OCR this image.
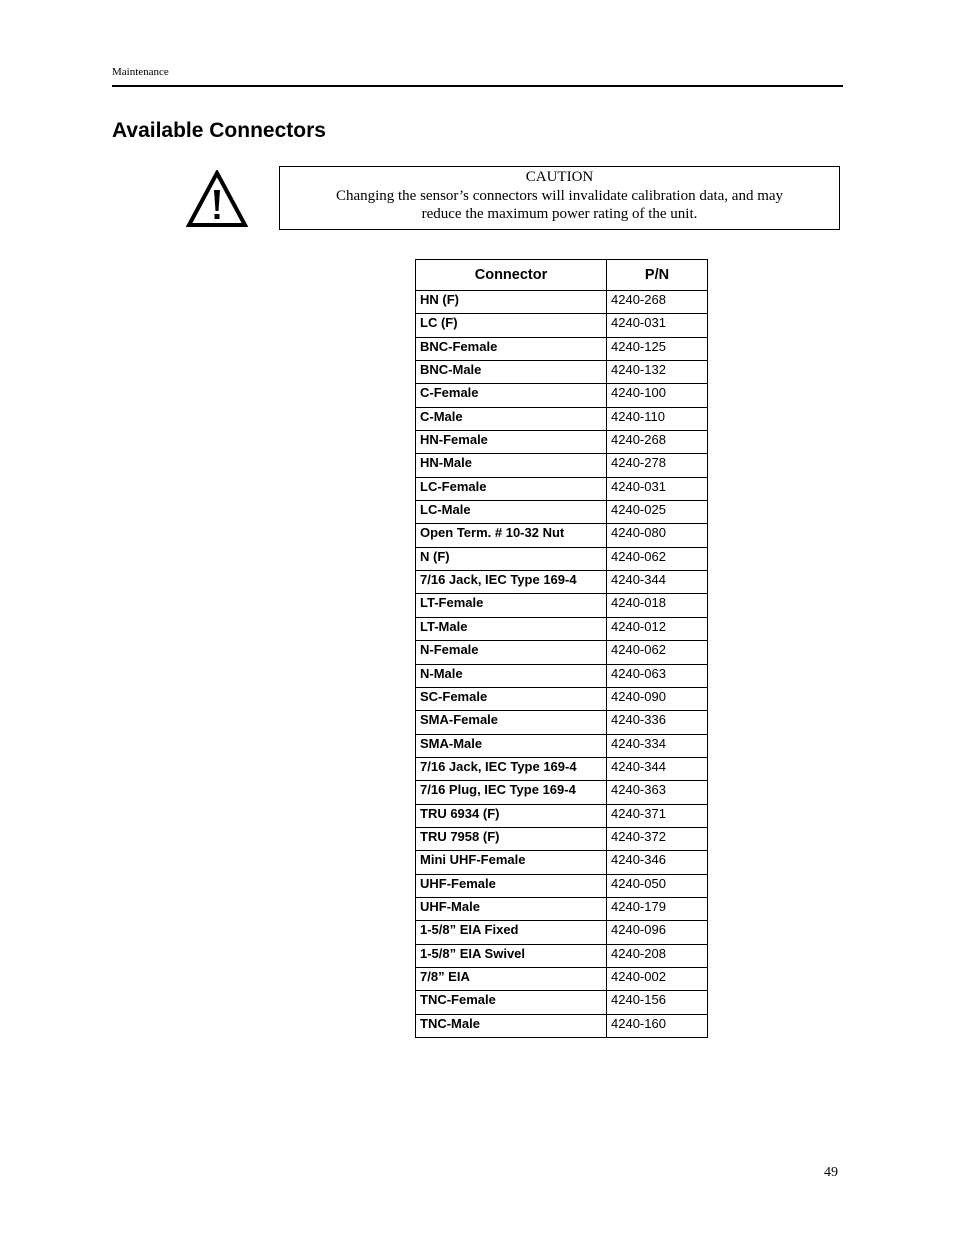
Maintenance
Available Connectors
CAUTION
Changing the sensor’s connectors will invalidate calibration data, and may
reduce the maximum power rating of the unit.
Connector	P/N
HN (F)	4240-268
LC (F)	4240-031
BNC-Female	4240-125
BNC-Male	4240-132
C-Female	4240-100
C-Male	4240-110
HN-Female	4240-268
HN-Male	4240-278
LC-Female	4240-031
LC-Male	4240-025
Open Term. # 10-32 Nut	4240-080
N (F)	4240-062
7/16 Jack, IEC Type 169-4	4240-344
LT-Female	4240-018
LT-Male	4240-012
N-Female	4240-062
N-Male	4240-063
SC-Female	4240-090
SMA-Female	4240-336
SMA-Male	4240-334
7/16 Jack, IEC Type 169-4	4240-344
7/16 Plug, IEC Type 169-4	4240-363
TRU 6934 (F)	4240-371
TRU 7958 (F)	4240-372
Mini UHF-Female	4240-346
UHF-Female	4240-050
UHF-Male	4240-179
1-5/8” EIA Fixed	4240-096
1-5/8” EIA Swivel	4240-208
7/8” EIA	4240-002
TNC-Female	4240-156
TNC-Male	4240-160
49
